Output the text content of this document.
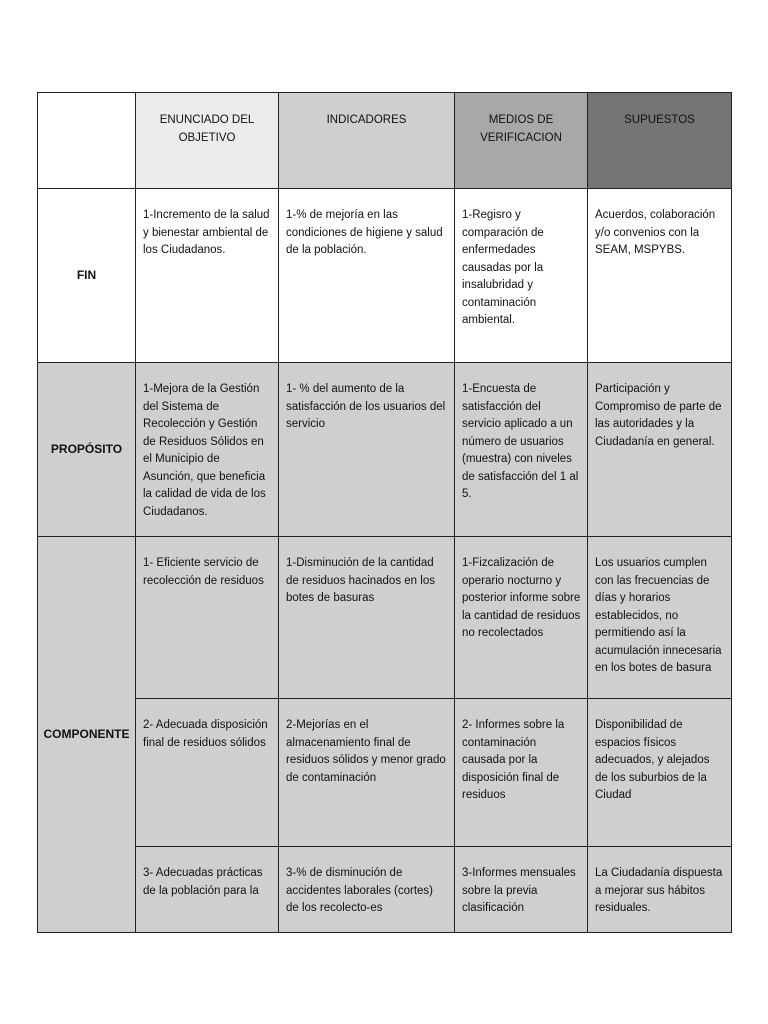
	ENUNCIADO DEL OBJETIVO	INDICADORES	MEDIOS DE VERIFICACION	SUPUESTOS
FIN	1-Incremento de la salud y bienestar ambiental de los Ciudadanos.	1-% de mejoría en las condiciones de higiene y salud de la población.	1-Regisro y comparación de enfermedades causadas por la insalubridad y contaminación ambiental.	Acuerdos, colaboración y/o convenios con la SEAM, MSPYBS.
PROPÓSITO	1-Mejora de la Gestión del Sistema de Recolección y Gestión de Residuos Sólidos en el Municipio de Asunción, que beneficia la calidad de vida de los Ciudadanos.	1- % del aumento de la satisfacción de los usuarios del servicio	1-Encuesta de satisfacción del servicio aplicado a un número de usuarios (muestra) con niveles de satisfacción del 1 al 5.	Participación y Compromiso de parte de las autoridades y la Ciudadanía en general.
COMPONENTE	1- Eficiente servicio de recolección de residuos	1-Disminución de la cantidad de residuos hacinados en los botes de basuras	1-Fizcalización de operario nocturno y posterior informe sobre la cantidad de residuos no recolectados	Los usuarios cumplen con las frecuencias de días y horarios establecidos, no permitiendo así la acumulación innecesaria en los botes de basura
	2- Adecuada disposición final de residuos sólidos	2-Mejorías en el almacenamiento final de residuos sólidos y menor grado de contaminación	2- Informes sobre la contaminación causada por la disposición final de residuos	Disponibilidad de espacios físicos adecuados, y alejados de los suburbios de la Ciudad
	3- Adecuadas prácticas de la población para la	3-% de disminución de accidentes laborales (cortes) de los recolecto-es	3-Informes mensuales sobre la previa clasificación	La Ciudadanía dispuesta a mejorar sus hábitos residuales.
